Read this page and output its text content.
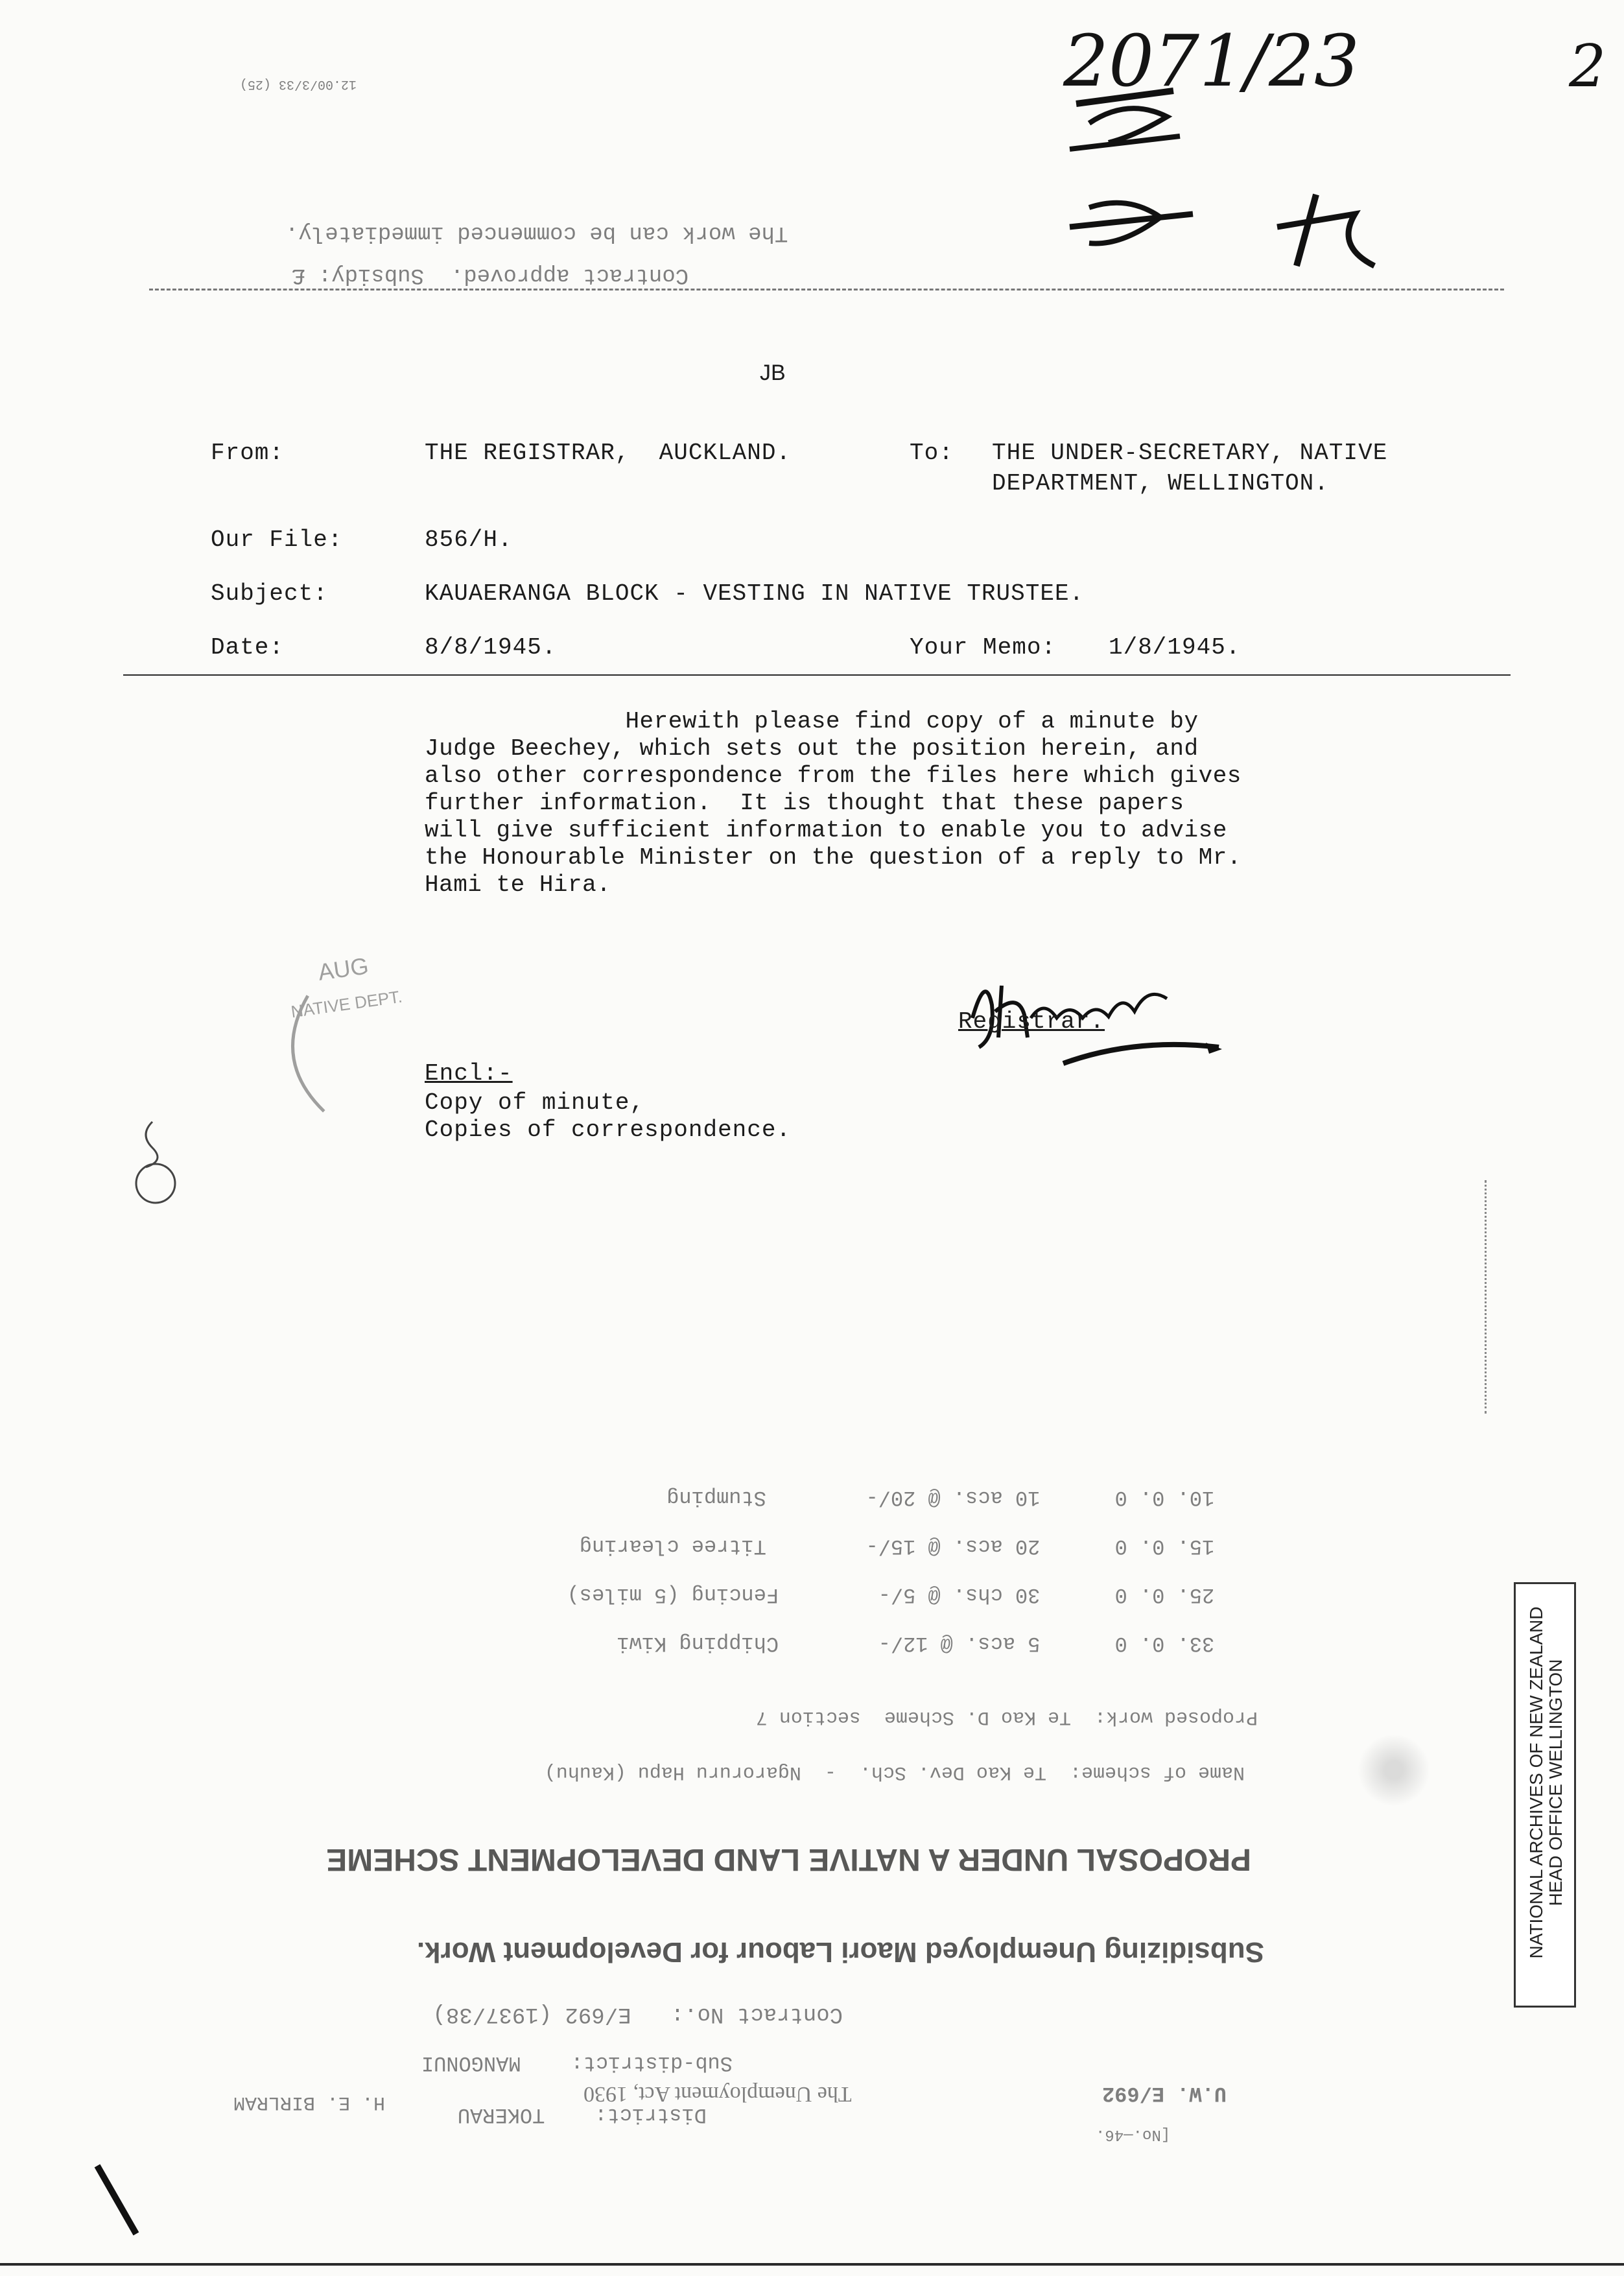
12.00/3/33 (25)	2071/23	2
The work can be commenced immediately.
Contract approved.  Subsidy: £
JB
From:	THE REGISTRAR,  AUCKLAND.	To: THE UNDER-SECRETARY, NATIVE
DEPARTMENT, WELLINGTON.
Our File:	856/H.
Subject:	KAUAERANGA BLOCK - VESTING IN NATIVE TRUSTEE.
Date:	8/8/1945.	Your Memo: 1/8/1945.
Herewith please find copy of a minute by
Judge Beechey, which sets out the position herein, and
also other correspondence from the files here which gives
further information.  It is thought that these papers
will give sufficient information to enable you to advise
the Honourable Minister on the question of a reply to Mr.
Hami te Hira.

AUG

NATIVE DEPT.

Registrar.
Encl:-
Copy of minute,
Copies of correspondence.

District:    TOKERAU

Sub-district:    MANGONUI

Contract No.:   E/692 (1937/38)

Subsidizing Unemployed Maori Labour for Development Work.

PROPOSAL UNDER A NATIVE LAND DEVELOPMENT SCHEME

Name of scheme:  Te Kao Dev. Sch.  -  Ngaroruru Hapu (Kauhu)

Proposed work:  Te Kao D. Scheme  section 7

33. 0. 0      5 acs. @ 12/-        Chipping Kiwi

25. 0. 0      30 chs. @ 5/-        Fencing (5 miles)

15. 0. 0      20 acs. @ 15/-        Titree clearing

10. 0. 0      10 acs. @ 20/-        Stumping

H. E. BIRLRAM	The Unemployment Act, 1930	U.W. E/692
[No.—46.
NATIONAL ARCHIVES OF NEW ZEALAND HEAD OFFICE WELLINGTON
